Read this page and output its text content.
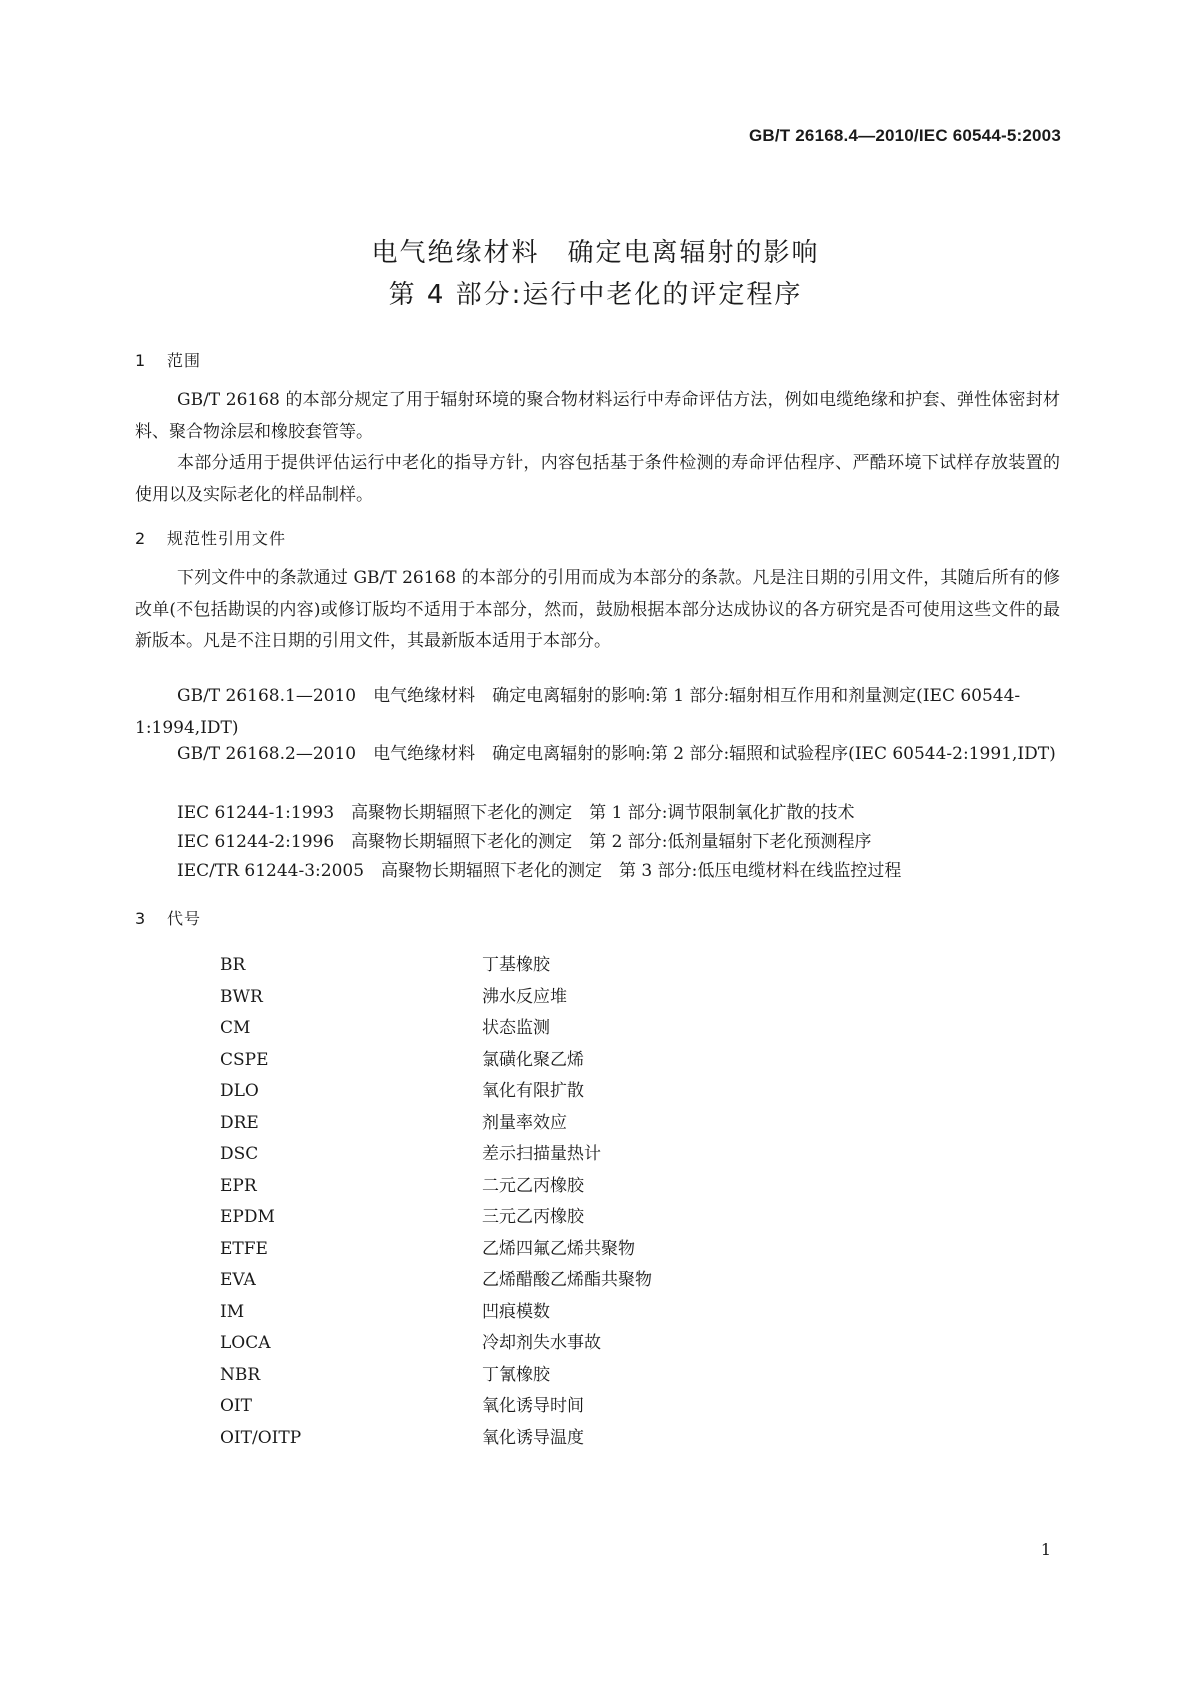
GB/T 26168.4—2010/IEC 60544-5:2003
电气绝缘材料　确定电离辐射的影响
第 4 部分:运行中老化的评定程序
1 范围
GB/T 26168 的本部分规定了用于辐射环境的聚合物材料运行中寿命评估方法，例如电缆绝缘和护套、弹性体密封材料、聚合物涂层和橡胶套管等。
本部分适用于提供评估运行中老化的指导方针，内容包括基于条件检测的寿命评估程序、严酷环境下试样存放装置的使用以及实际老化的样品制样。
2 规范性引用文件
下列文件中的条款通过 GB/T 26168 的本部分的引用而成为本部分的条款。凡是注日期的引用文件，其随后所有的修改单(不包括勘误的内容)或修订版均不适用于本部分，然而，鼓励根据本部分达成协议的各方研究是否可使用这些文件的最新版本。凡是不注日期的引用文件，其最新版本适用于本部分。
GB/T 26168.1—2010　电气绝缘材料　确定电离辐射的影响:第 1 部分:辐射相互作用和剂量测定(IEC 60544-1:1994,IDT)
GB/T 26168.2—2010　电气绝缘材料　确定电离辐射的影响:第 2 部分:辐照和试验程序(IEC 60544-2:1991,IDT)
IEC 61244-1:1993　高聚物长期辐照下老化的测定　第 1 部分:调节限制氧化扩散的技术
IEC 61244-2:1996　高聚物长期辐照下老化的测定　第 2 部分:低剂量辐射下老化预测程序
IEC/TR 61244-3:2005　高聚物长期辐照下老化的测定　第 3 部分:低压电缆材料在线监控过程
3 代号
BR	丁基橡胶
BWR	沸水反应堆
CM	状态监测
CSPE	氯磺化聚乙烯
DLO	氧化有限扩散
DRE	剂量率效应
DSC	差示扫描量热计
EPR	二元乙丙橡胶
EPDM	三元乙丙橡胶
ETFE	乙烯四氟乙烯共聚物
EVA	乙烯醋酸乙烯酯共聚物
IM	凹痕模数
LOCA	冷却剂失水事故
NBR	丁氰橡胶
OIT	氧化诱导时间
OIT/OITP	氧化诱导温度
1
